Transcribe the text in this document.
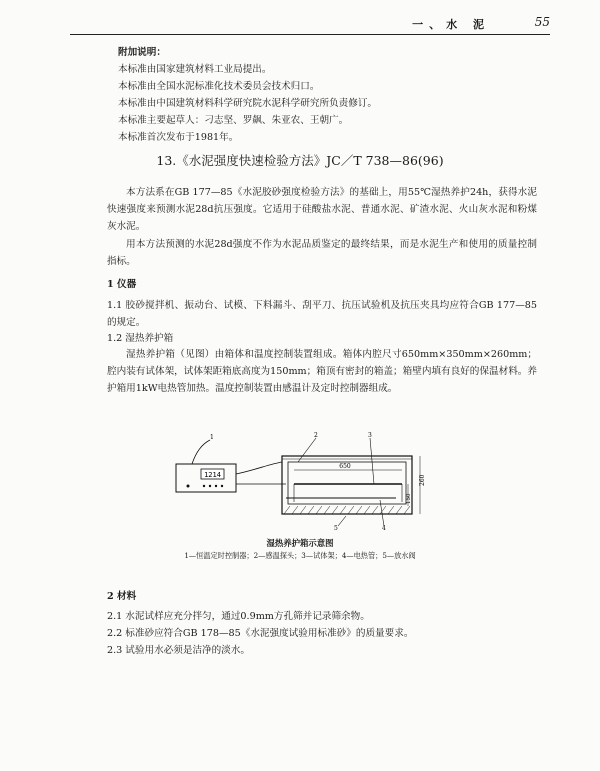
一、水 泥	55
附加说明：
本标准由国家建筑材料工业局提出。
本标准由全国水泥标准化技术委员会技术归口。
本标准由中国建筑材料科学研究院水泥科学研究所负责修订。
本标准主要起草人：刁志坚、罗飙、朱亚农、王朝广。
本标准首次发布于1981年。
13.《水泥强度快速检验方法》JC／T 738—86(96)
本方法系在GB 177—85《水泥胶砂强度检验方法》的基础上，用55℃湿热养护24h，获得水泥快速强度来预测水泥28d抗压强度。它适用于硅酸盐水泥、普通水泥、矿渣水泥、火山灰水泥和粉煤灰水泥。
用本方法预测的水泥28d强度不作为水泥品质鉴定的最终结果，而是水泥生产和使用的质量控制指标。
1 仪器
1.1 胶砂搅拌机、振动台、试模、下料漏斗、刮平刀、抗压试验机及抗压夹具均应符合GB 177—85的规定。
1.2 湿热养护箱
湿热养护箱（见图）由箱体和温度控制装置组成。箱体内腔尺寸650mm×350mm×260mm；腔内装有试体架，试体架距箱底高度为150mm；箱顶有密封的箱盖；箱壁内填有良好的保温材料。养护箱用1kW电热管加热。温度控制装置由感温计及定时控制器组成。
1214
1
650
260
150
2	3
5	4
湿热养护箱示意图
1—恒温定时控制器；2—感温探头；3—试体架；4—电热管；5—放水阀
2 材料
2.1 水泥试样应充分拌匀，通过0.9mm方孔筛并记录筛余物。
2.2 标准砂应符合GB 178—85《水泥强度试验用标准砂》的质量要求。
2.3 试验用水必须是洁净的淡水。
